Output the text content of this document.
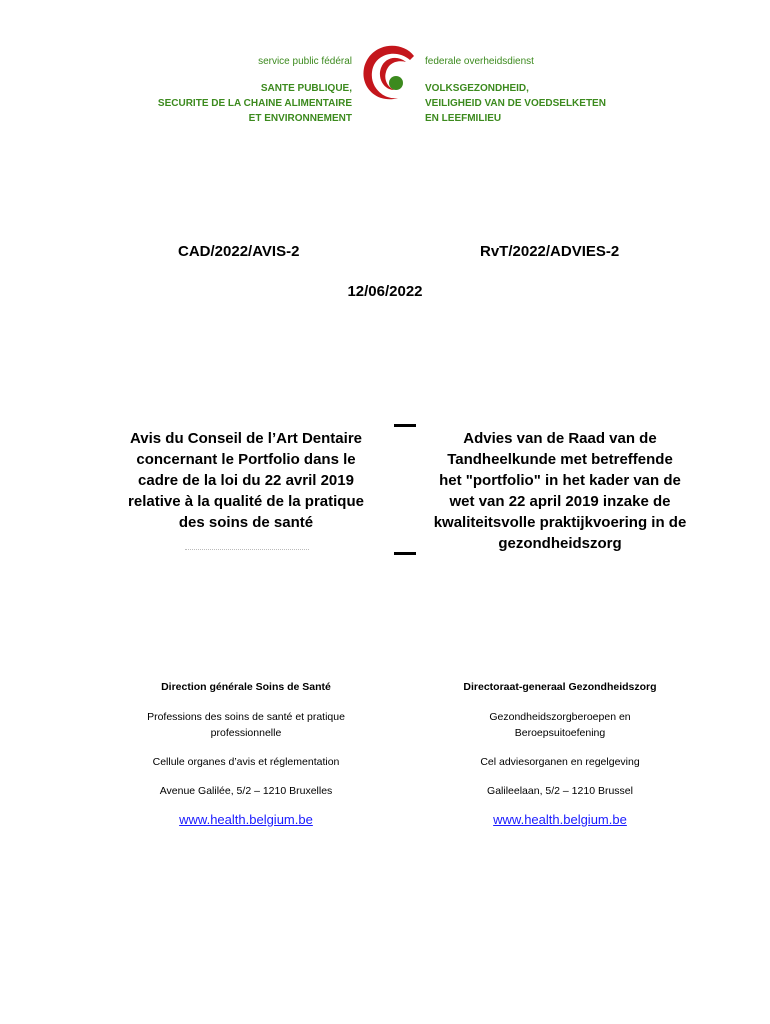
service public fédéral
SANTE PUBLIQUE,
SECURITE DE LA CHAINE ALIMENTAIRE
ET ENVIRONNEMENT
federale overheidsdienst
VOLKSGEZONDHEID,
VEILIGHEID VAN DE VOEDSELKETEN
EN LEEFMILIEU
CAD/2022/AVIS-2	RvT/2022/ADVIES-2
12/06/2022
Avis du Conseil de l’Art Dentaire
concernant le Portfolio dans le
cadre de la loi du 22 avril 2019
relative à la qualité de la pratique
des soins de santé
Advies van de Raad van de
Tandheelkunde met betreffende
het "portfolio" in het kader van de
wet van 22 april 2019 inzake de
kwaliteitsvolle praktijkvoering in de
gezondheidszorg
Direction générale Soins de Santé
Professions des soins de santé et pratique
professionnelle
Cellule organes d’avis et réglementation
Avenue Galilée, 5/2 – 1210 Bruxelles
www.health.belgium.be
Directoraat-generaal Gezondheidszorg
Gezondheidszorgberoepen en
Beroepsuitoefening
Cel adviesorganen en regelgeving
Galileelaan, 5/2 – 1210 Brussel
www.health.belgium.be
